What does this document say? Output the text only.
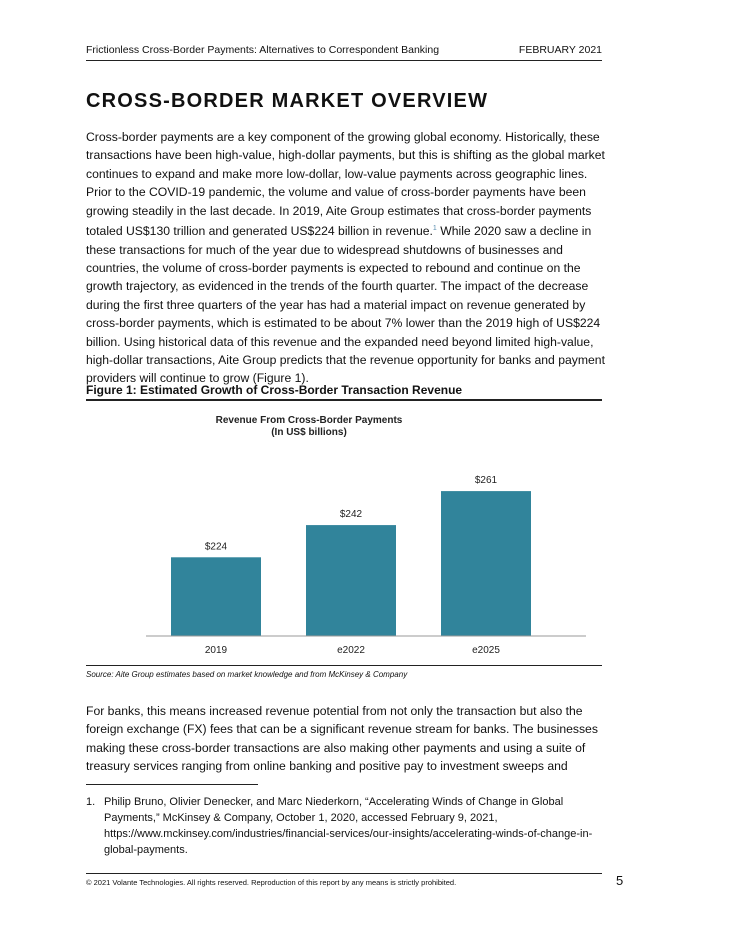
Frictionless Cross-Border Payments: Alternatives to Correspondent Banking	FEBRUARY 2021
CROSS-BORDER MARKET OVERVIEW

Cross-border payments are a key component of the growing global economy. Historically, these transactions have been high-value, high-dollar payments, but this is shifting as the global market continues to expand and make more low-dollar, low-value payments across geographic lines. Prior to the COVID-19 pandemic, the volume and value of cross-border payments have been growing steadily in the last decade. In 2019, Aite Group estimates that cross-border payments totaled US$130 trillion and generated US$224 billion in revenue.$^1$ While 2020 saw a decline in these transactions for much of the year due to widespread shutdowns of businesses and countries, the volume of cross-border payments is expected to rebound and continue on the growth trajectory, as evidenced in the trends of the fourth quarter. The impact of the decrease during the first three quarters of the year has had a material impact on revenue generated by cross-border payments, which is estimated to be about 7% lower than the 2019 high of US$224 billion. Using historical data of this revenue and the expanded need beyond limited high-value, high-dollar transactions, Aite Group predicts that the revenue opportunity for banks and payment providers will continue to grow (Figure 1).

Figure 1: Estimated Growth of Cross-Border Transaction Revenue
Revenue From Cross-Border Payments
(In US$ billions)
$224
$242
$261
2019	e2022	e2025
Source: Aite Group estimates based on market knowledge and from McKinsey & Company

For banks, this means increased revenue potential from not only the transaction but also the foreign exchange (FX) fees that can be a significant revenue stream for banks. The businesses making these cross-border transactions are also making other payments and using a suite of treasury services ranging from online banking and positive pay to investment sweeps and

1. Philip Bruno, Olivier Denecker, and Marc Niederkorn, “Accelerating Winds of Change in Global Payments,” McKinsey & Company, October 1, 2020, accessed February 9, 2021, https://www.mckinsey.com/industries/financial-services/our-insights/accelerating-winds-of-change-in-global-payments.
© 2021 Volante Technologies. All rights reserved. Reproduction of this report by any means is strictly prohibited.	5
